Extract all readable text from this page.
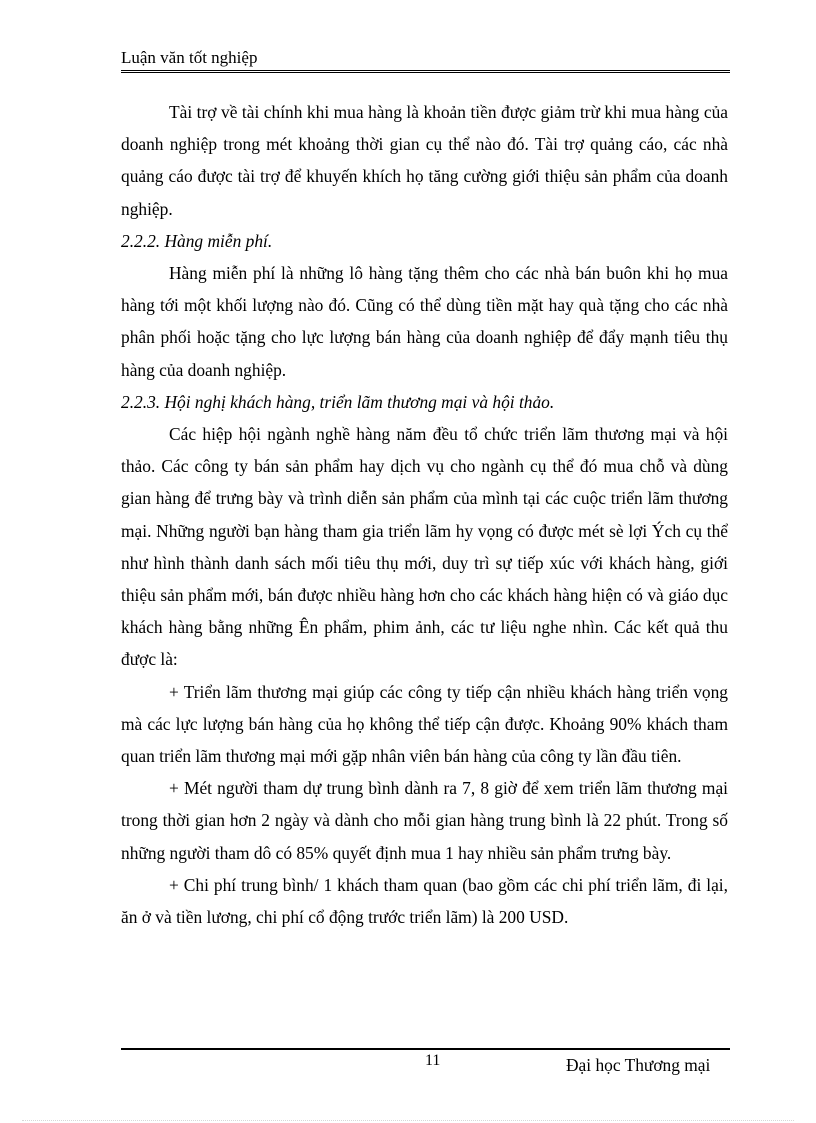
Luận văn tốt nghiệp

Tài trợ về tài chính khi mua hàng là khoản tiền được giảm trừ khi mua hàng của doanh nghiệp trong mét khoảng thời gian cụ thể nào đó. Tài trợ quảng cáo, các nhà quảng cáo được tài trợ để khuyến khích họ tăng cường giới thiệu sản phẩm của doanh nghiệp.

2.2.2. Hàng miễn phí.

Hàng miễn phí là những lô hàng tặng thêm cho các nhà bán buôn khi họ mua hàng tới một khối lượng nào đó. Cũng có thể dùng tiền mặt hay quà tặng cho các nhà phân phối hoặc tặng cho lực lượng bán hàng của doanh nghiệp để đẩy mạnh tiêu thụ hàng của doanh nghiệp.

2.2.3. Hội nghị khách hàng, triển lãm thương mại và hội thảo.

Các hiệp hội ngành nghề hàng năm đều tổ chức triển lãm thương mại và hội thảo. Các công ty bán sản phẩm hay dịch vụ cho ngành cụ thể đó mua chỗ và dùng gian hàng để trưng bày và trình diễn sản phẩm của mình tại các cuộc triển lãm thương mại. Những người bạn hàng tham gia triển lãm hy vọng có được mét sè lợi Ých cụ thể như hình thành danh sách mối tiêu thụ mới, duy trì sự tiếp xúc với khách hàng, giới thiệu sản phẩm mới, bán được nhiều hàng hơn cho các khách hàng hiện có và giáo dục khách hàng bằng những Ên phẩm, phim ảnh, các tư liệu nghe nhìn. Các kết quả thu được là:

+ Triển lãm thương mại giúp các công ty tiếp cận nhiều khách hàng triển vọng mà các lực lượng bán hàng của họ không thể tiếp cận được. Khoảng 90% khách tham quan triển lãm thương mại mới gặp nhân viên bán hàng của công ty lần đầu tiên.

+ Mét người tham dự trung bình dành ra 7, 8 giờ để xem triển lãm thương mại trong thời gian hơn 2 ngày và dành cho mỗi gian hàng trung bình là 22 phút. Trong số những người tham dô có 85% quyết định mua 1 hay nhiều sản phẩm trưng bày.

+ Chi phí trung bình/ 1 khách tham quan (bao gồm các chi phí triển lãm, đi lại, ăn ở và tiền lương, chi phí cổ động trước triển lãm) là 200 USD.

11	Đại học Thương mại
